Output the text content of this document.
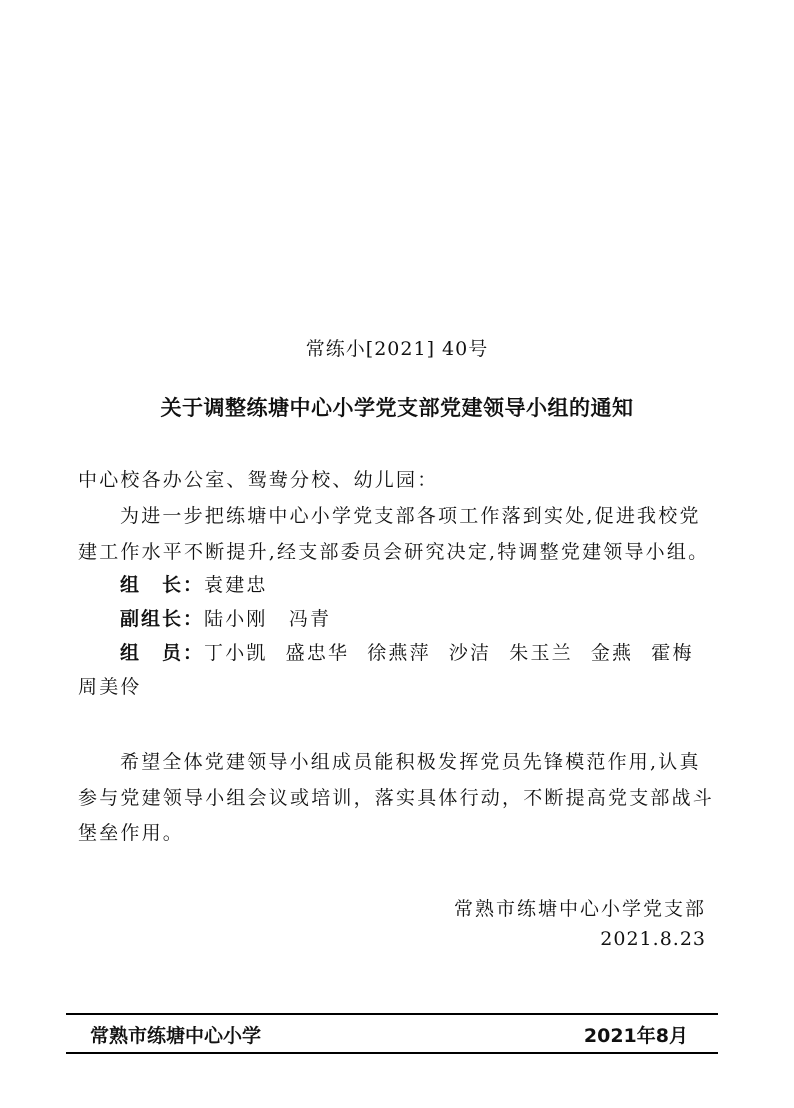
常练小[2021] 40号
关于调整练塘中心小学党支部党建领导小组的通知
中心校各办公室、鸳鸯分校、幼儿园：
为进一步把练塘中心小学党支部各项工作落到实处,促进我校党
建工作水平不断提升,经支部委员会研究决定,特调整党建领导小组。
组　长：袁建忠
副组长：陆小刚　冯青
组　员：丁小凯 盛忠华 徐燕萍 沙洁 朱玉兰 金燕 霍梅
周美伶
希望全体党建领导小组成员能积极发挥党员先锋模范作用,认真
参与党建领导小组会议或培训，落实具体行动，不断提高党支部战斗
堡垒作用。
常熟市练塘中心小学党支部
2021.8.23
常熟市练塘中心小学	2021年8月
